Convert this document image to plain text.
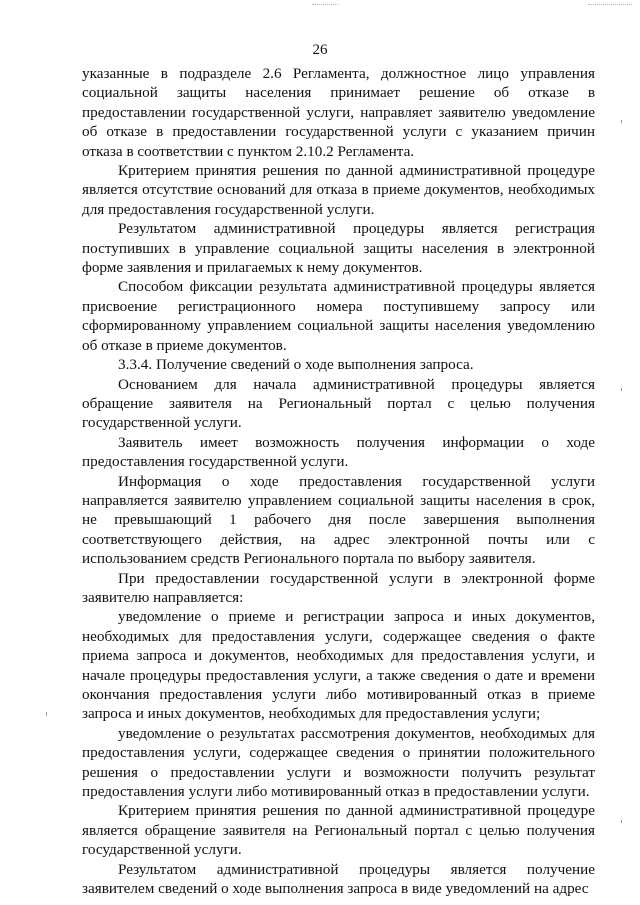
26

указанные в подразделе 2.6 Регламента, должностное лицо управления социальной защиты населения принимает решение об отказе в предоставлении государственной услуги, направляет заявителю уведомление об отказе в предоставлении государственной услуги с указанием причин отказа в соответствии с пунктом 2.10.2 Регламента.

Критерием принятия решения по данной административной процедуре является отсутствие оснований для отказа в приеме документов, необходимых для предоставления государственной услуги.

Результатом административной процедуры является регистрация поступивших в управление социальной защиты населения в электронной форме заявления и прилагаемых к нему документов.

Способом фиксации результата административной процедуры является присвоение регистрационного номера поступившему запросу или сформированному управлением социальной защиты населения уведомлению об отказе в приеме документов.

3.3.4. Получение сведений о ходе выполнения запроса.

Основанием для начала административной процедуры является обращение заявителя на Региональный портал с целью получения государственной услуги.

Заявитель имеет возможность получения информации о ходе предоставления государственной услуги.

Информация о ходе предоставления государственной услуги направляется заявителю управлением социальной защиты населения в срок, не превышающий 1 рабочего дня после завершения выполнения соответствующего действия, на адрес электронной почты или с использованием средств Регионального портала по выбору заявителя.

При предоставлении государственной услуги в электронной форме заявителю направляется:

уведомление о приеме и регистрации запроса и иных документов, необходимых для предоставления услуги, содержащее сведения о факте приема запроса и документов, необходимых для предоставления услуги, и начале процедуры предоставления услуги, а также сведения о дате и времени окончания предоставления услуги либо мотивированный отказ в приеме запроса и иных документов, необходимых для предоставления услуги;

уведомление о результатах рассмотрения документов, необходимых для предоставления услуги, содержащее сведения о принятии положительного решения о предоставлении услуги и возможности получить результат предоставления услуги либо мотивированный отказ в предоставлении услуги.

Критерием принятия решения по данной административной процедуре является обращение заявителя на Региональный портал с целью получения государственной услуги.

Результатом административной процедуры является получение заявителем сведений о ходе выполнения запроса в виде уведомлений на адрес
